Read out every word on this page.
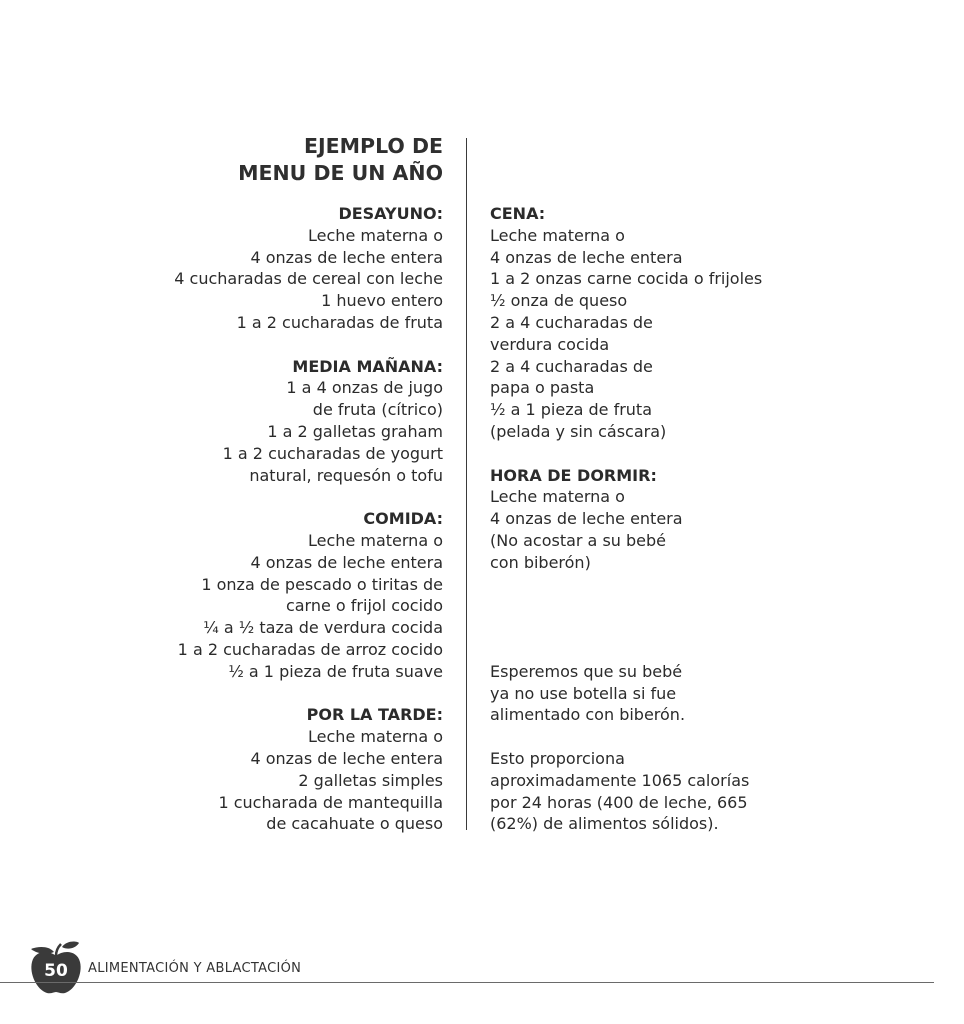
EJEMPLO DE
MENU DE UN AÑO
DESAYUNO:
Leche materna o
4 onzas de leche entera
4 cucharadas de cereal con leche
1 huevo entero
1 a 2 cucharadas de fruta
MEDIA MAÑANA:
1 a 4 onzas de jugo
de fruta (cítrico)
1 a 2 galletas graham
1 a 2 cucharadas de yogurt
natural, requesón o tofu
COMIDA:
Leche materna o
4 onzas de leche entera
1 onza de pescado o tiritas de
carne o frijol cocido
¼ a ½ taza de verdura cocida
1 a 2 cucharadas de arroz cocido
½ a 1 pieza de fruta suave
POR LA TARDE:
Leche materna o
4 onzas de leche entera
2 galletas simples
1 cucharada de mantequilla
de cacahuate o queso
CENA:
Leche materna o
4 onzas de leche entera
1 a 2 onzas carne cocida o frijoles
½ onza de queso
2 a 4 cucharadas de
verdura cocida
2 a 4 cucharadas de
papa o pasta
½ a 1 pieza de fruta
(pelada y sin cáscara)
HORA DE DORMIR:
Leche materna o
4 onzas de leche entera
(No acostar a su bebé
con biberón)
Esperemos que su bebé
ya no use botella si fue
alimentado con biberón.
Esto proporciona
aproximadamente 1065 calorías
por 24 horas (400 de leche, 665
(62%) de alimentos sólidos).
50	ALIMENTACIÓN Y ABLACTACIÓN
